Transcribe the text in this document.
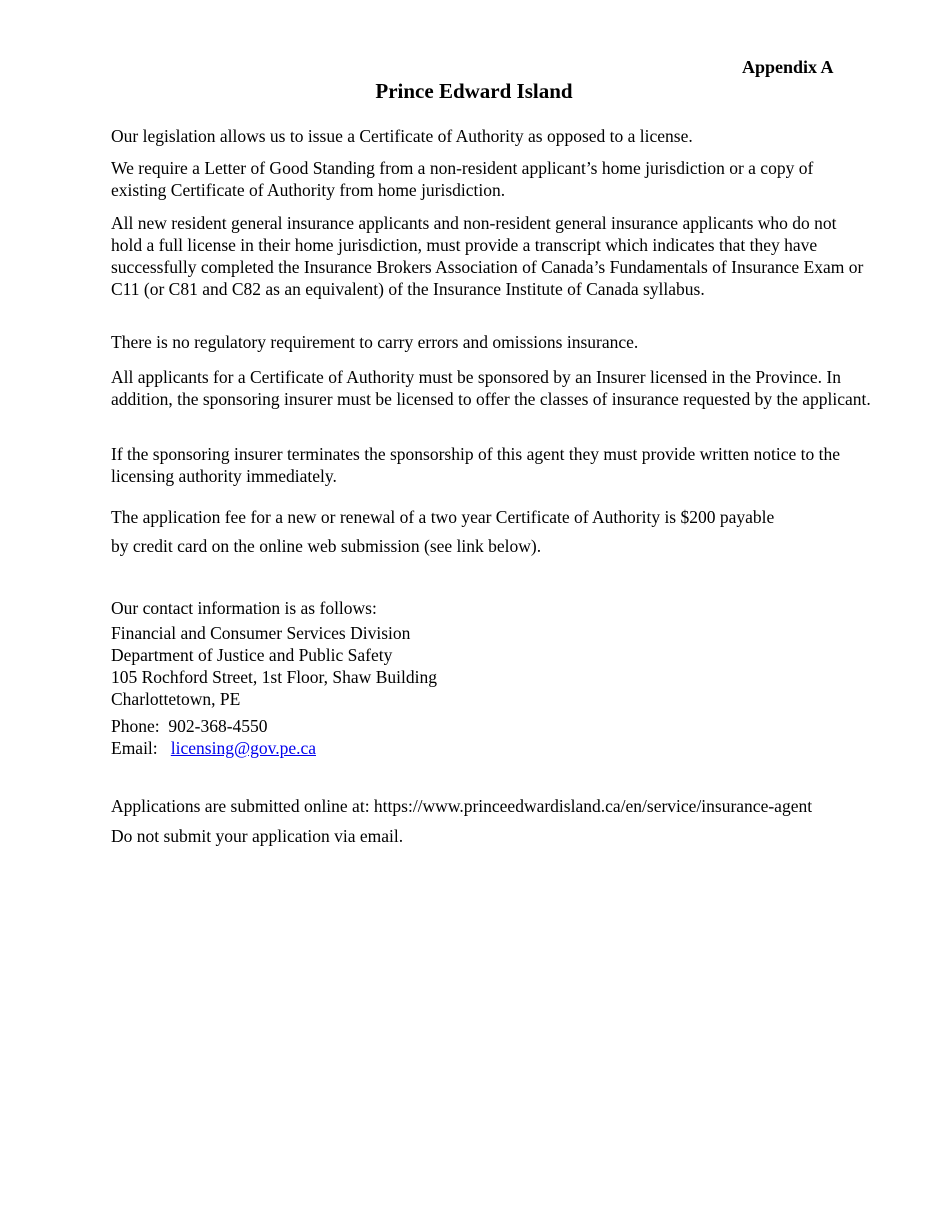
Appendix A
Prince Edward Island
Our legislation allows us to issue a Certificate of Authority as opposed to a license.
We require a Letter of Good Standing from a non-resident applicant’s home jurisdiction or a copy of existing Certificate of Authority from home jurisdiction.
All new resident general insurance applicants and non-resident general insurance applicants who do not hold a full license in their home jurisdiction, must provide a transcript which indicates that they have successfully completed the Insurance Brokers Association of Canada’s Fundamentals of Insurance Exam or C11 (or C81 and C82 as an equivalent) of the Insurance Institute of Canada syllabus.
There is no regulatory requirement to carry errors and omissions insurance.
All applicants for a Certificate of Authority must be sponsored by an Insurer licensed in the Province. In addition, the sponsoring insurer must be licensed to offer the classes of insurance requested by the applicant.
If the sponsoring insurer terminates the sponsorship of this agent they must provide written notice to the licensing authority immediately.
The application fee for a new or renewal of a two year Certificate of Authority is $200 payable
by credit card on the online web submission (see link below).
Our contact information is as follows:
Financial and Consumer Services Division
Department of Justice and Public Safety
105 Rochford Street, 1st Floor, Shaw Building
Charlottetown, PE
Phone: 902-368-4550
Email: licensing@gov.pe.ca
Applications are submitted online at: https://www.princeedwardisland.ca/en/service/insurance-agent
Do not submit your application via email.
